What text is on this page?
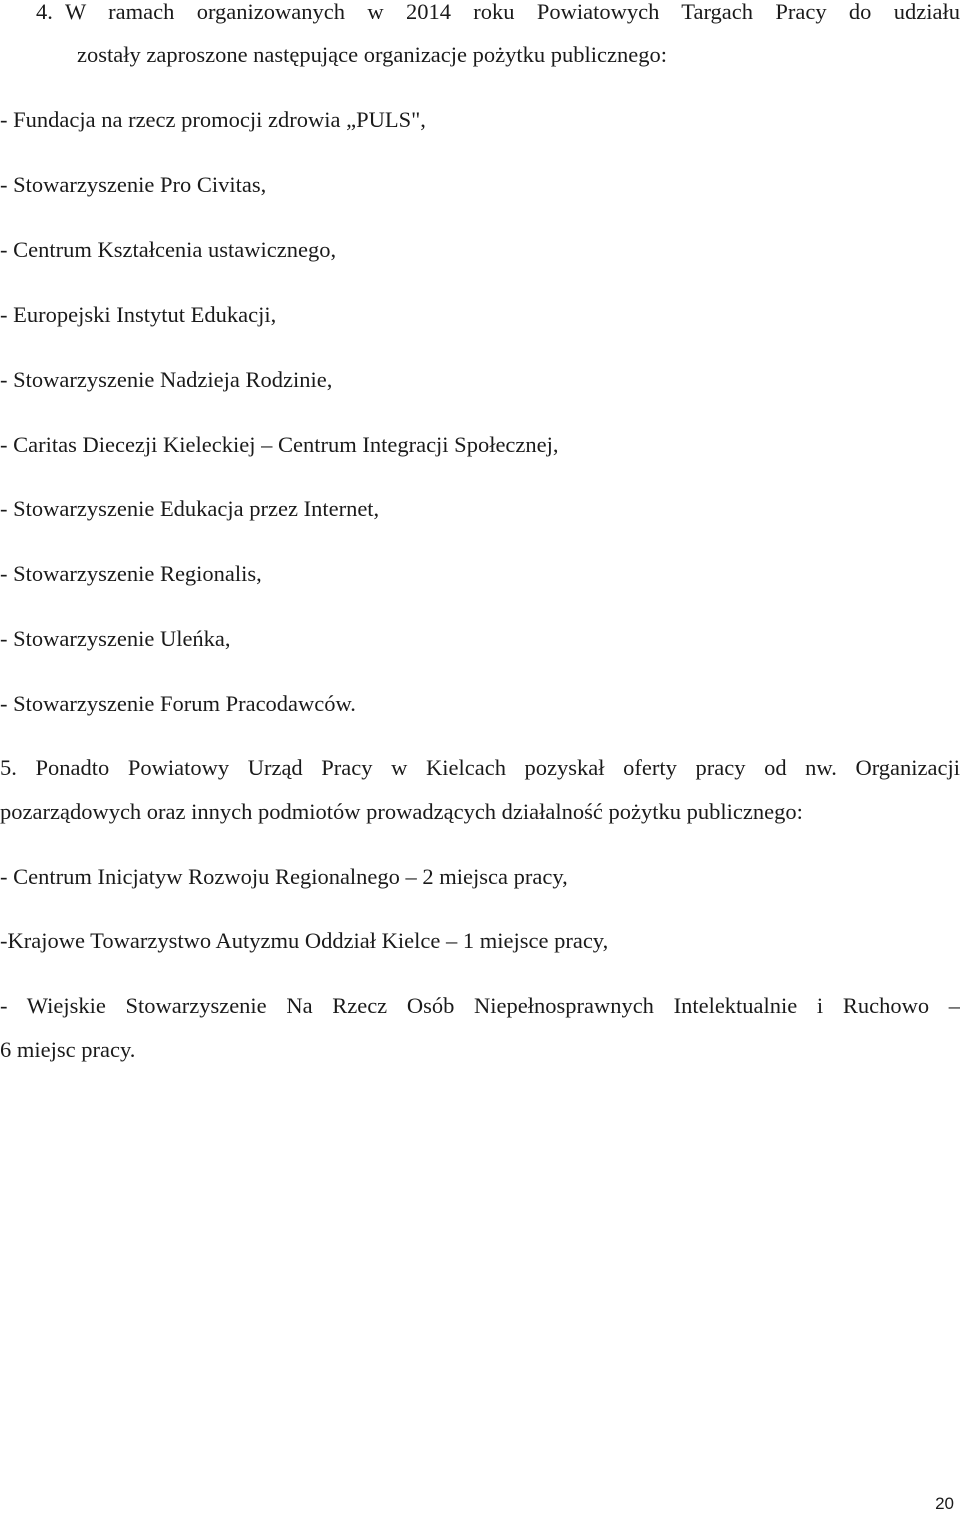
4. W ramach organizowanych w 2014 roku Powiatowych Targach Pracy do udziału
zostały zaproszone następujące organizacje pożytku publicznego:
- Fundacja na rzecz promocji zdrowia „PULS",
- Stowarzyszenie Pro Civitas,
- Centrum Kształcenia ustawicznego,
- Europejski Instytut Edukacji,
- Stowarzyszenie Nadzieja Rodzinie,
- Caritas Diecezji Kieleckiej – Centrum Integracji Społecznej,
- Stowarzyszenie Edukacja przez Internet,
- Stowarzyszenie Regionalis,
- Stowarzyszenie Uleńka,
- Stowarzyszenie Forum Pracodawców.
5. Ponadto Powiatowy Urząd Pracy w Kielcach pozyskał oferty pracy od nw. Organizacji
pozarządowych oraz innych podmiotów prowadzących działalność pożytku publicznego:
- Centrum Inicjatyw Rozwoju Regionalnego – 2 miejsca pracy,
-Krajowe Towarzystwo Autyzmu Oddział Kielce – 1 miejsce pracy,
- Wiejskie Stowarzyszenie Na Rzecz Osób Niepełnosprawnych Intelektualnie i Ruchowo –
6 miejsc pracy.
20
